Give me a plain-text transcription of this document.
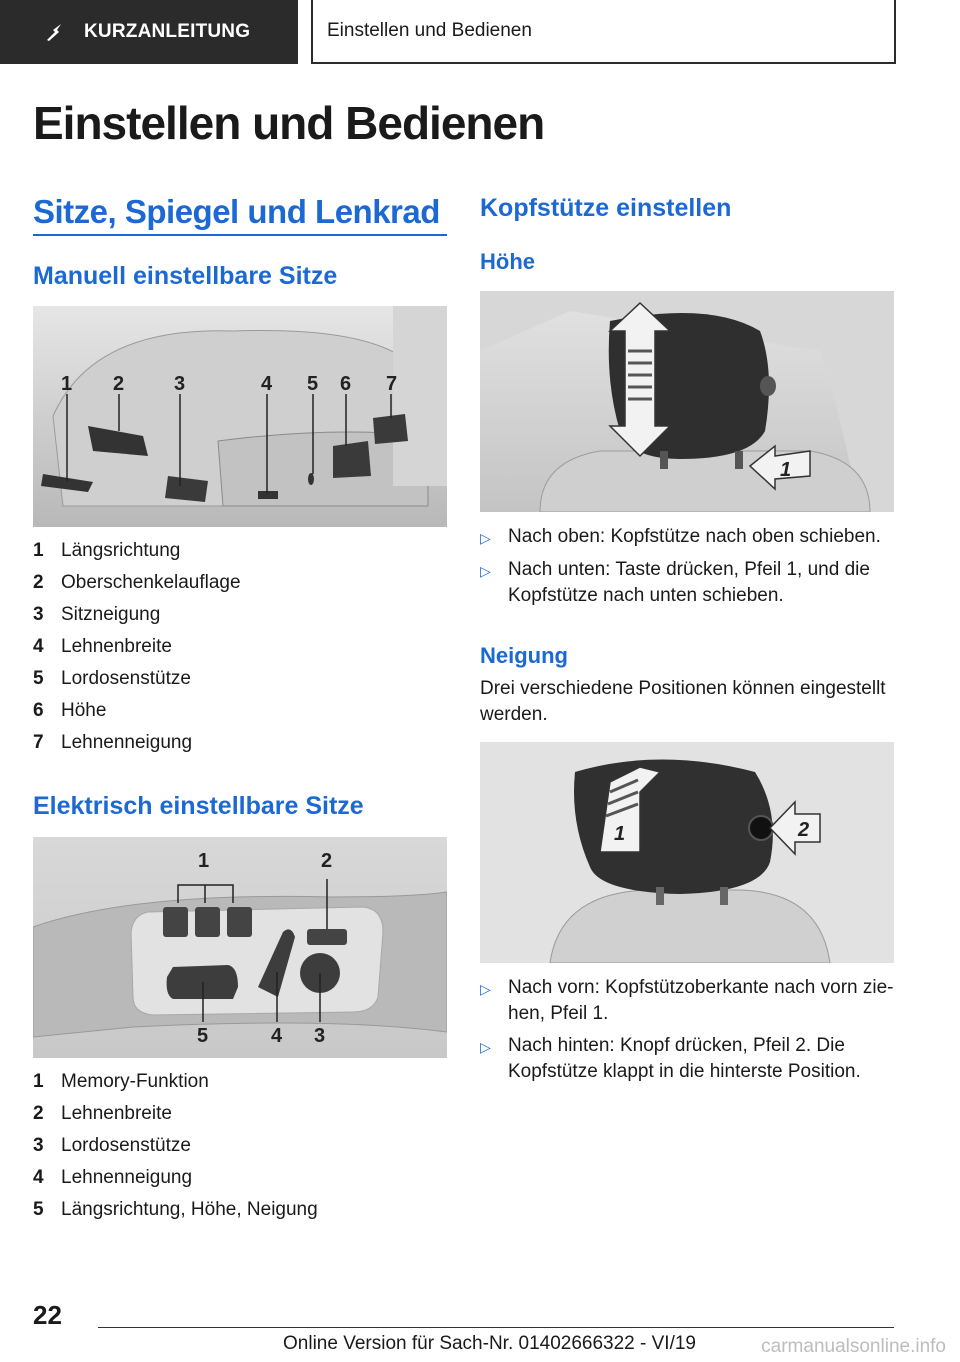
KURZANLEITUNG	Einstellen und Bedienen
Einstellen und Bedienen
Sitze, Spiegel und Lenkrad
Manuell einstellbare Sitze
1 2 3	4 5 6 7
1 Längsrichtung
2 Oberschenkelauflage
3 Sitzneigung
4 Lehnenbreite
5 Lordosenstütze
6 Höhe
7 Lehnenneigung
Elektrisch einstellbare Sitze
1	2
3
4
5
1 Memory-Funktion
2 Lehnenbreite
3 Lordosenstütze
4 Lehnenneigung
5 Längsrichtung, Höhe, Neigung
Kopfstütze einstellen
Höhe
1
▷ Nach oben: Kopfstütze nach oben schieben.
▷ Nach unten: Taste drücken, Pfeil 1, und die Kopfstütze nach unten schieben.
Neigung

Drei verschiedene Positionen können eingestellt werden.

1	2
▷ Nach vorn: Kopfstützoberkante nach vorn zie-hen, Pfeil 1.
▷ Nach hinten: Knopf drücken, Pfeil 2. Die Kopfstütze klappt in die hinterste Position.
22
Online Version für Sach-Nr. 01402666322 - VI/19	carmanualsonline.info
